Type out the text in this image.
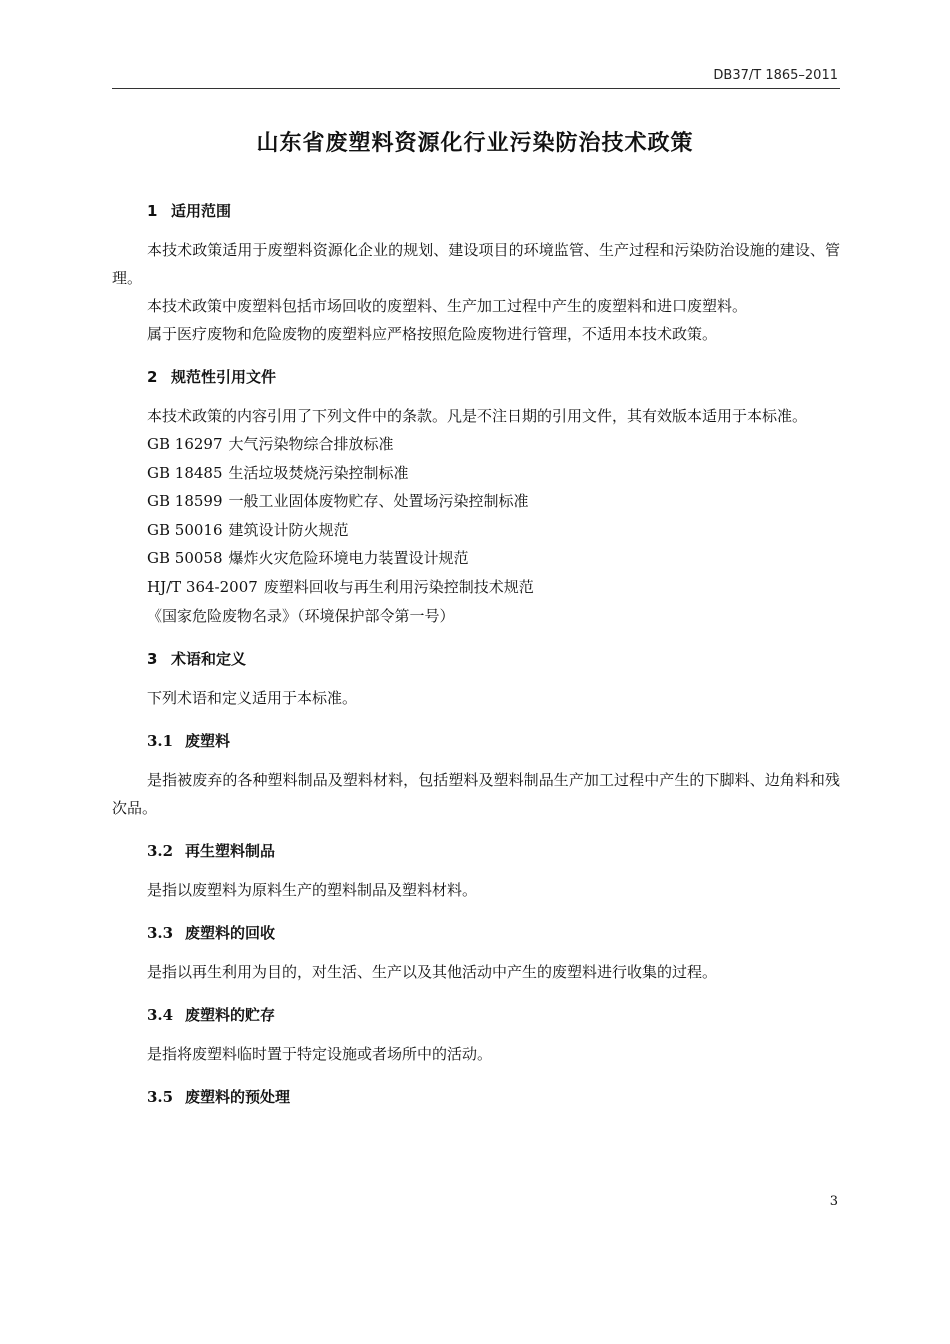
DB37/T 1865–2011
山东省废塑料资源化行业污染防治技术政策
1 适用范围

本技术政策适用于废塑料资源化企业的规划、建设项目的环境监管、生产过程和污染防治设施的建设、管理。

本技术政策中废塑料包括市场回收的废塑料、生产加工过程中产生的废塑料和进口废塑料。

属于医疗废物和危险废物的废塑料应严格按照危险废物进行管理，不适用本技术政策。

2 规范性引用文件

本技术政策的内容引用了下列文件中的条款。凡是不注日期的引用文件，其有效版本适用于本标准。

GB 16297 大气污染物综合排放标准

GB 18485 生活垃圾焚烧污染控制标准

GB 18599 一般工业固体废物贮存、处置场污染控制标准

GB 50016 建筑设计防火规范

GB 50058 爆炸火灾危险环境电力装置设计规范

HJ/T 364-2007 废塑料回收与再生利用污染控制技术规范

《国家危险废物名录》（环境保护部令第一号）

3 术语和定义

下列术语和定义适用于本标准。

3.1 废塑料

是指被废弃的各种塑料制品及塑料材料，包括塑料及塑料制品生产加工过程中产生的下脚料、边角料和残次品。

3.2 再生塑料制品

是指以废塑料为原料生产的塑料制品及塑料材料。

3.3 废塑料的回收

是指以再生利用为目的，对生活、生产以及其他活动中产生的废塑料进行收集的过程。

3.4 废塑料的贮存

是指将废塑料临时置于特定设施或者场所中的活动。

3.5 废塑料的预处理
3
